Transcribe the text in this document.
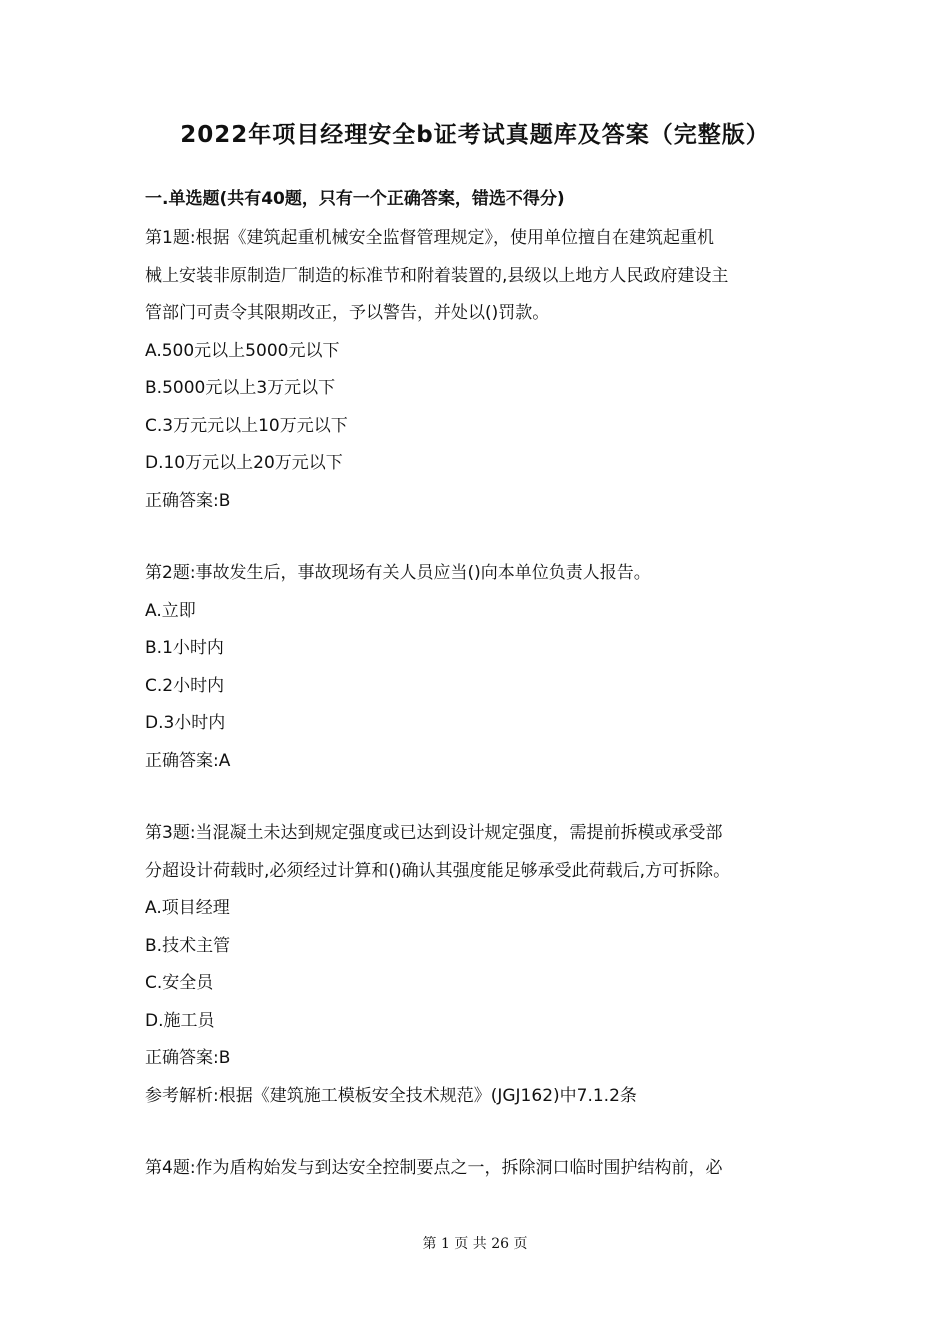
2022年项目经理安全b证考试真题库及答案（完整版）
一.单选题(共有40题，只有一个正确答案，错选不得分)
第1题:根据《建筑起重机械安全监督管理规定》，使用单位擅自在建筑起重机
械上安装非原制造厂制造的标准节和附着装置的,县级以上地方人民政府建设主
管部门可责令其限期改正，予以警告，并处以()罚款。
A.500元以上5000元以下
B.5000元以上3万元以下
C.3万元元以上10万元以下
D.10万元以上20万元以下
正确答案:B
第2题:事故发生后，事故现场有关人员应当()向本单位负责人报告。
A.立即
B.1小时内
C.2小时内
D.3小时内
正确答案:A
第3题:当混凝土未达到规定强度或已达到设计规定强度，需提前拆模或承受部
分超设计荷载时,必须经过计算和()确认其强度能足够承受此荷载后,方可拆除。
A.项目经理
B.技术主管
C.安全员
D.施工员
正确答案:B
参考解析:根据《建筑施工模板安全技术规范》(JGJ162)中7.1.2条
第4题:作为盾构始发与到达安全控制要点之一，拆除洞口临时围护结构前，必
第 1 页 共 26 页
